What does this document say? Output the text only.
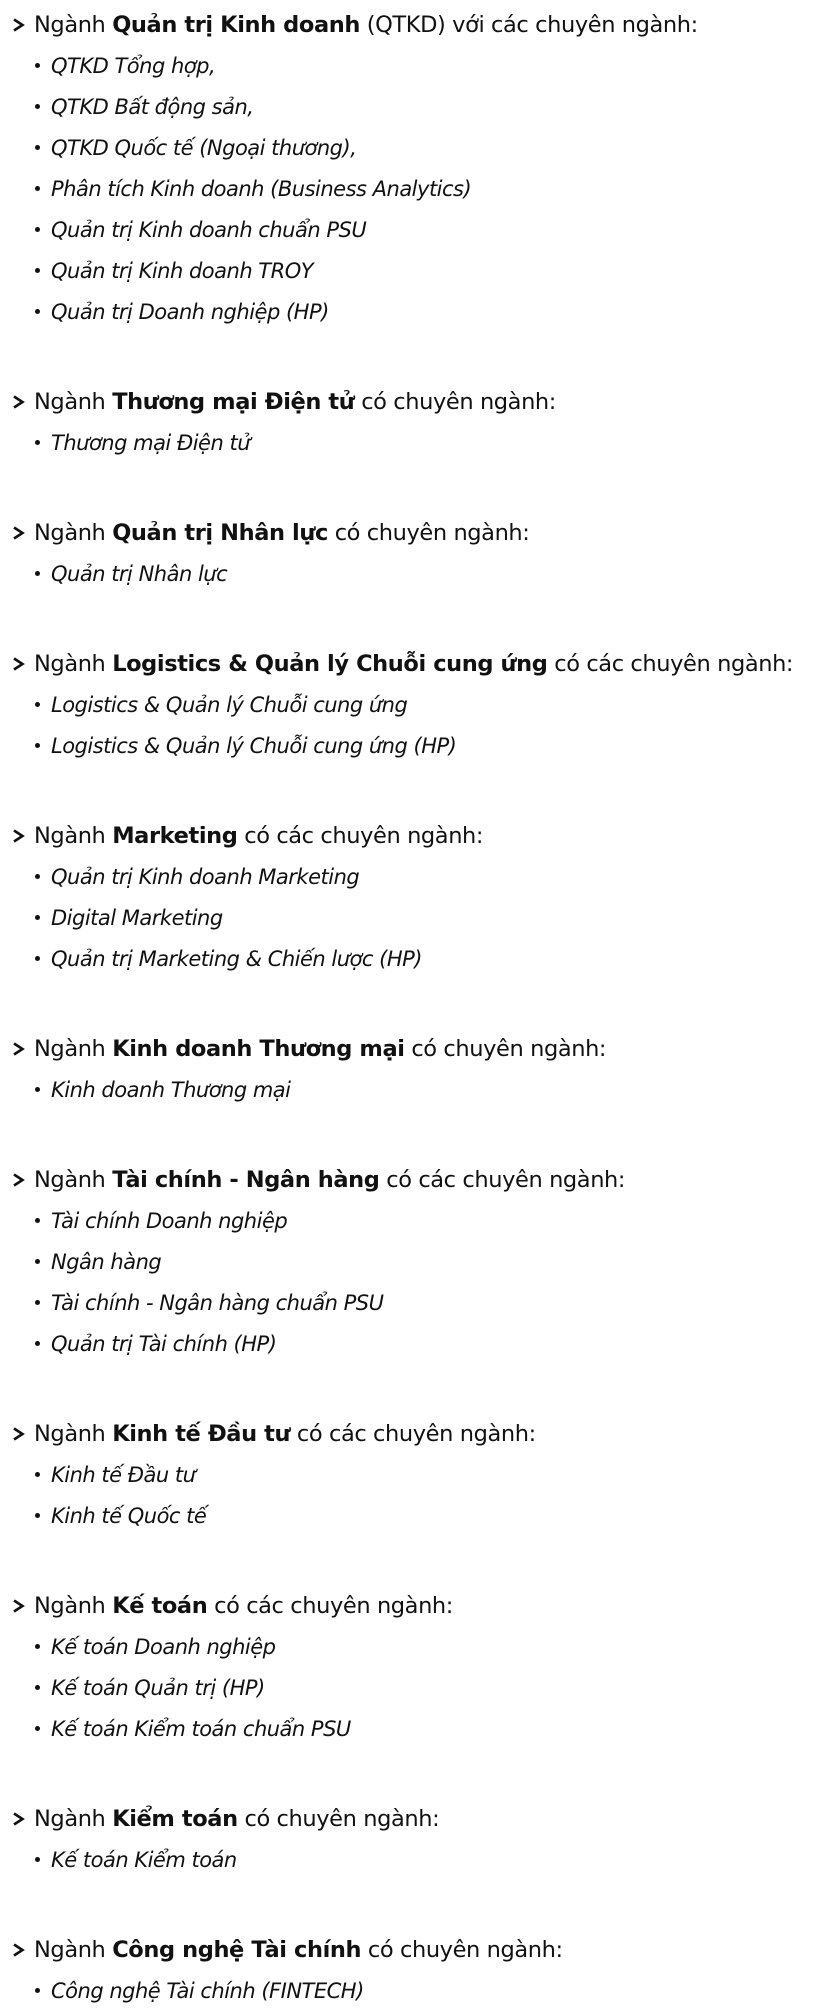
Ngành
Quản trị Kinh doanh
(QTKD) với các chuyên ngành:
QTKD Tổng hợp,
QTKD Bất động sản,
QTKD Quốc tế (Ngoại thương),
Phân tích Kinh doanh (Business Analytics)
Quản trị Kinh doanh chuẩn PSU
Quản trị Kinh doanh TROY
Quản trị Doanh nghiệp (HP)
Ngành
Thương mại Điện tử
có chuyên ngành:
Thương mại Điện tử
Ngành
Quản trị Nhân lực
có chuyên ngành:
Quản trị Nhân lực
Ngành
Logistics & Quản lý Chuỗi cung ứng
có các chuyên ngành:
Logistics & Quản lý Chuỗi cung ứng
Logistics & Quản lý Chuỗi cung ứng (HP)
Ngành
Marketing
có các chuyên ngành:
Quản trị Kinh doanh Marketing
Digital Marketing
Quản trị Marketing & Chiến lược (HP)
Ngành
Kinh doanh Thương mại
có chuyên ngành:
Kinh doanh Thương mại
Ngành
Tài chính - Ngân hàng
có các chuyên ngành:
Tài chính Doanh nghiệp
Ngân hàng
Tài chính - Ngân hàng chuẩn PSU
Quản trị Tài chính (HP)
Ngành
Kinh tế Đầu tư
có các chuyên ngành:
Kinh tế Đầu tư
Kinh tế Quốc tế
Ngành
Kế toán
có các chuyên ngành:
Kế toán Doanh nghiệp
Kế toán Quản trị (HP)
Kế toán Kiểm toán chuẩn PSU
Ngành
Kiểm toán
có chuyên ngành:
Kế toán Kiểm toán
Ngành
Công nghệ Tài chính
có chuyên ngành:
Công nghệ Tài chính (FINTECH)
